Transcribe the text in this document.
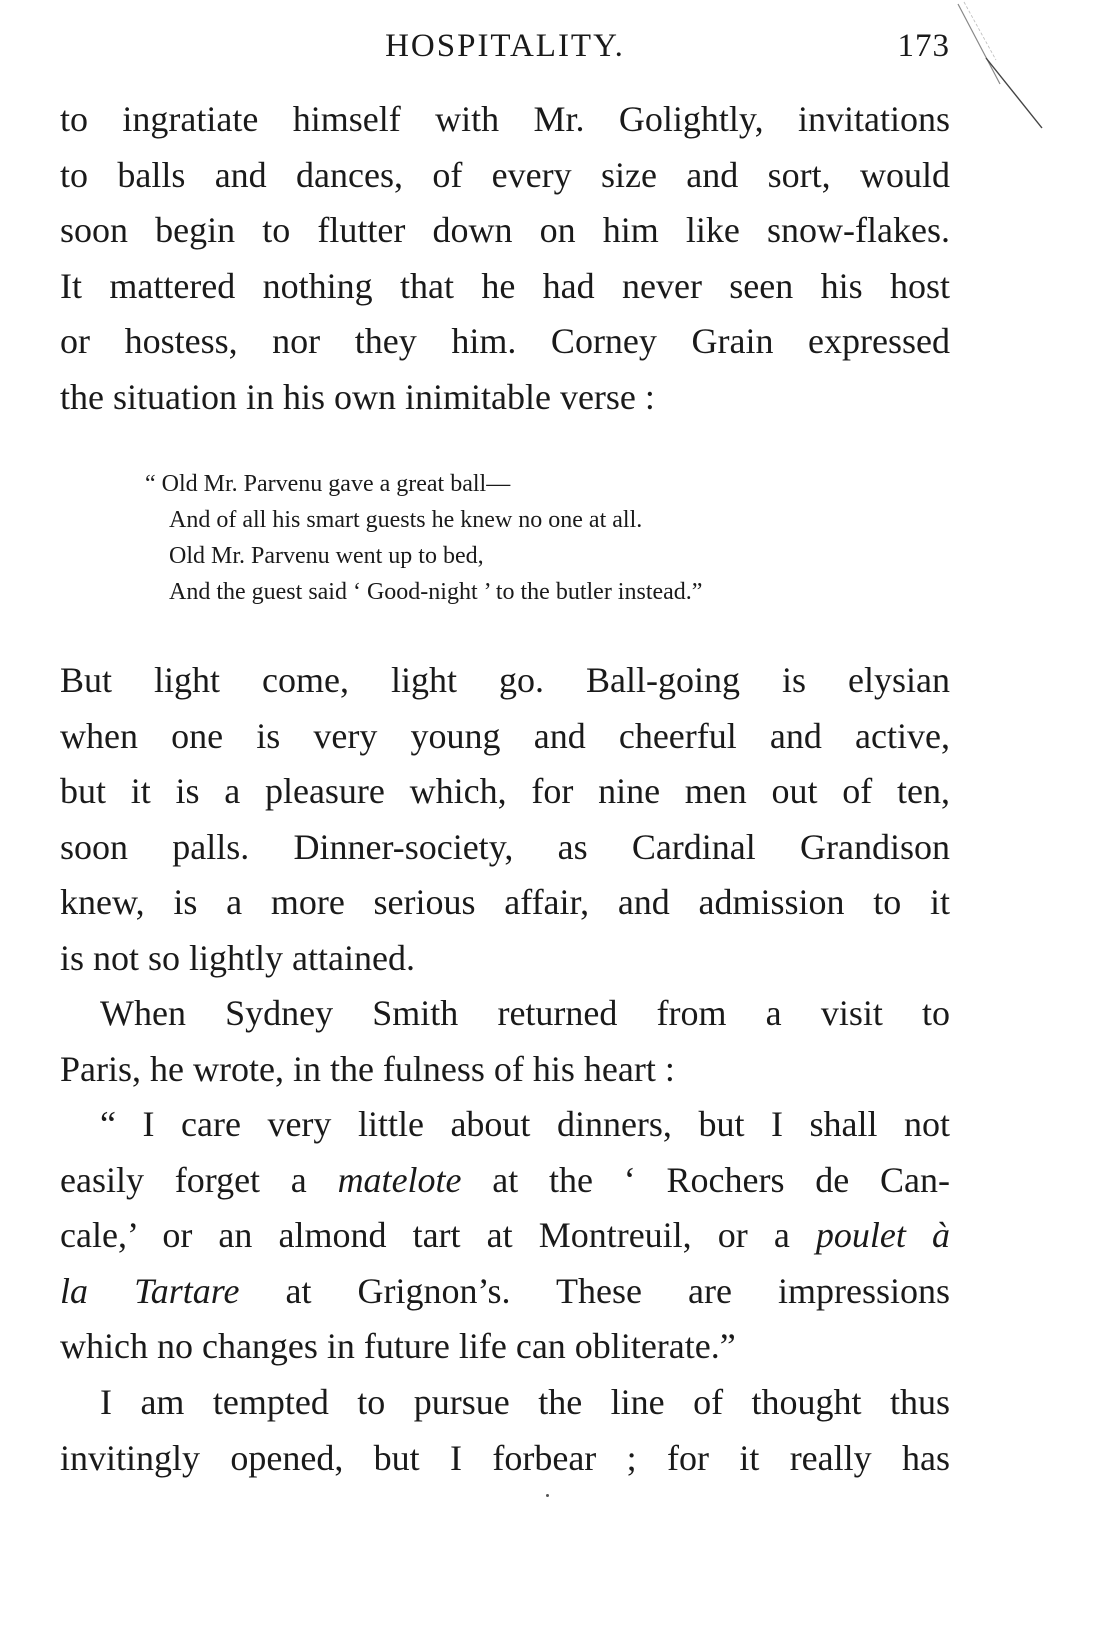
HOSPITALITY.	173
to ingratiate himself with Mr. Golightly, invitations
to balls and dances, of every size and sort, would
soon begin to flutter down on him like snow-flakes.
It mattered nothing that he had never seen his host
or hostess, nor they him. Corney Grain expressed
the situation in his own inimitable verse :
“ Old Mr. Parvenu gave a great ball—
And of all his smart guests he knew no one at all.
Old Mr. Parvenu went up to bed,
And the guest said ‘ Good-night ’ to the butler instead.”
But light come, light go. Ball-going is elysian
when one is very young and cheerful and active,
but it is a pleasure which, for nine men out of ten,
soon palls. Dinner-society, as Cardinal Grandison
knew, is a more serious affair, and admission to it
is not so lightly attained.
When Sydney Smith returned from a visit to
Paris, he wrote, in the fulness of his heart :
“ I care very little about dinners, but I shall not
easily forget a matelote at the ‘ Rochers de Can-
cale,’ or an almond tart at Montreuil, or a poulet à
la Tartare at Grignon’s. These are impressions
which no changes in future life can obliterate.”
I am tempted to pursue the line of thought thus
invitingly opened, but I forbear ; for it really has
